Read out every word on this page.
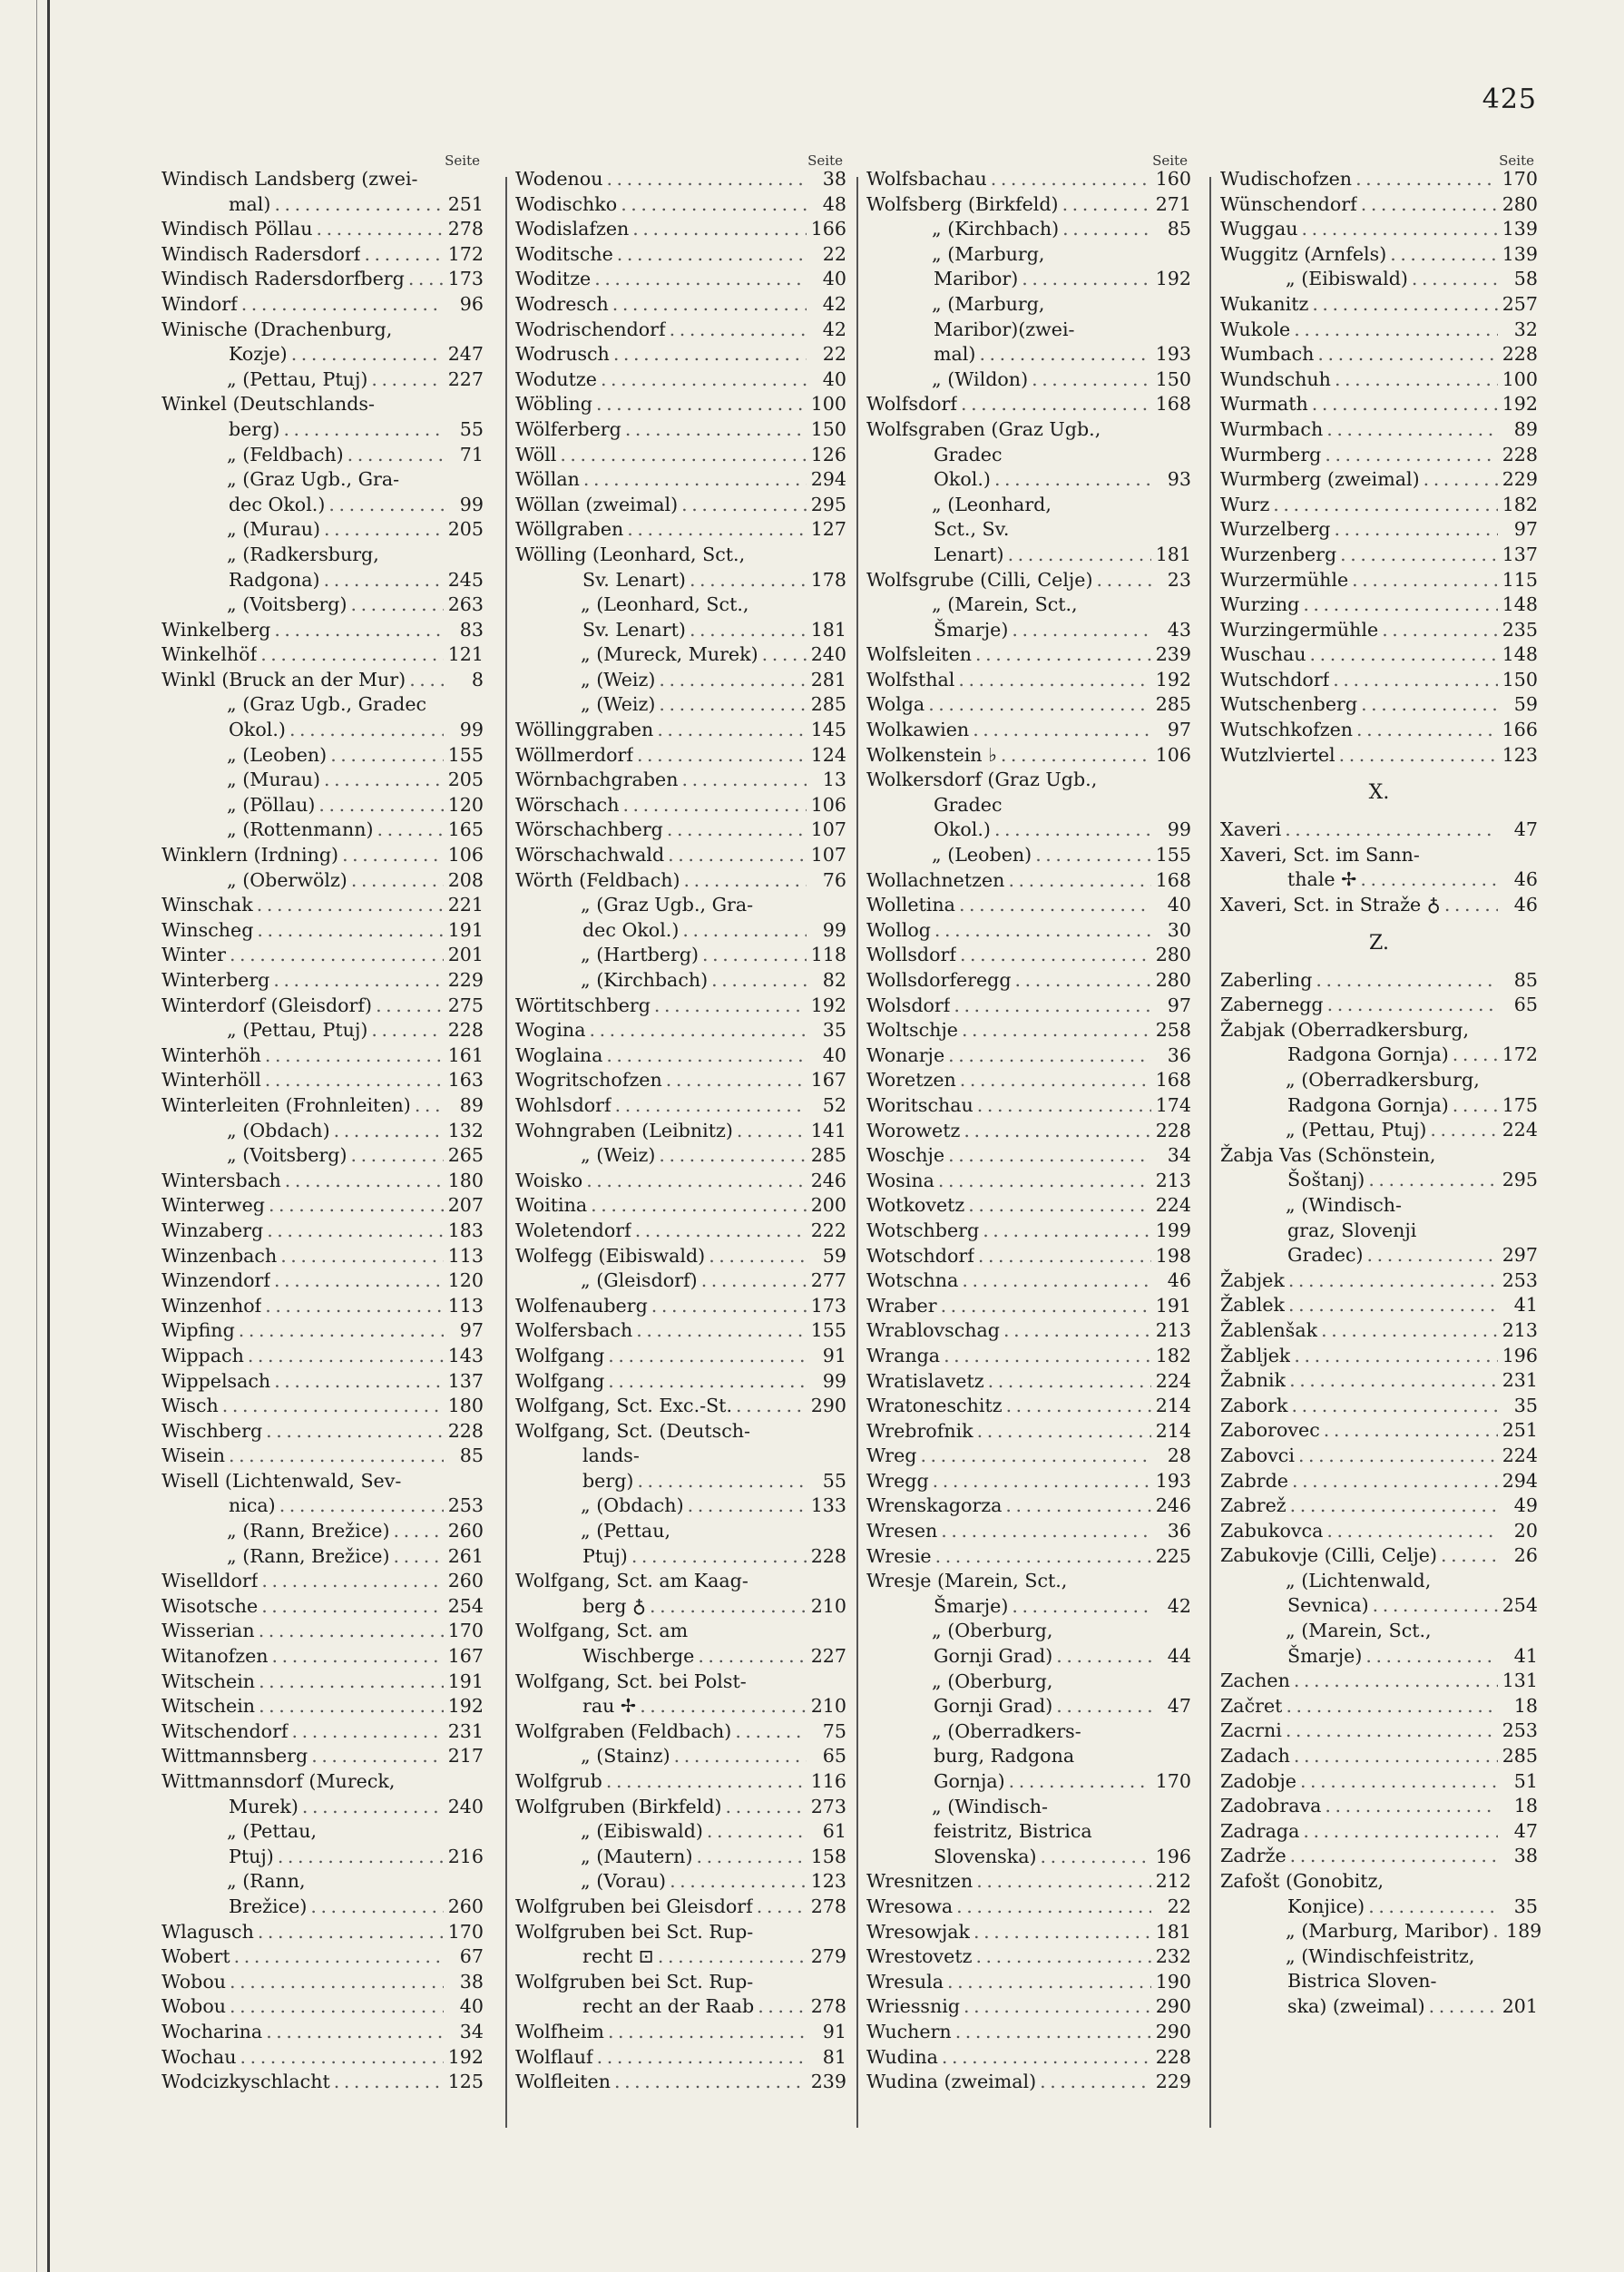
425
Seite
Windisch Landsberg (zwei-
mal) . . .	251
Windisch Pöllau . . .	278
Windisch Radersdorf . . .	172
Windisch Radersdorfberg . . . 173
Windorf . . .	96
Winische (Drachenburg,
Kozje) . . .	247
„ (Pettau, Ptuj) . . .	227
Winkel (Deutschlands-
berg) . . .	55
„ (Feldbach) . . .	71
„ (Graz Ugb., Gra-
dec Okol.) . . .	99
„ (Murau) . . .	205
„ (Radkersburg,
Radgona) . . .	245
„ (Voitsberg) . . .	263
Winkelberg . . .	83
Winkelhöf . . .	121
Winkl (Bruck an der Mur) . . .	8
„ (Graz Ugb., Gradec
Okol.) . . .	99
„ (Leoben) . . .	155
„ (Murau) . . .	205
„ (Pöllau) . . .	120
„ (Rottenmann) . . .	165
Winklern (Irdning) . . .	106
„ (Oberwölz) . . .	208
Winschak . . .	221
Winscheg . . .	191
Winter . . .	201
Winterberg . . .	229
Winterdorf (Gleisdorf) . . .	275
„ (Pettau, Ptuj) . . .	228
Winterhöh . . .	161
Winterhöll . . .	163
Winterleiten (Frohnleiten) . . .	89
„ (Obdach) . . .	132
„ (Voitsberg) . . .	265
Wintersbach . . .	180
Winterweg . . .	207
Winzaberg . . .	183
Winzenbach . . .	113
Winzendorf . . .	120
Winzenhof . . .	113
Wipfing . . .	97
Wippach . . .	143
Wippelsach . . .	137
Wisch . . .	180
Wischberg . . .	228
Wisein . . .	85
Wisell (Lichtenwald, Sev-
nica) . . .	253
„ (Rann, Brežice) . . .	260
„ (Rann, Brežice) . . .	261
Wiselldorf . . .	260
Wisotsche . . .	254
Wisserian . . .	170
Witanofzen . . .	167
Witschein . . .	191
Witschein . . .	192
Witschendorf . . .	231
Wittmannsberg . . .	217
Wittmannsdorf (Mureck,
Murek) . . .	240
„ (Pettau,
Ptuj) . . .	216
„ (Rann,
Brežice) . . .	260
Wlagusch . . .	170
Wobert . . .	67
Wobou . . .	38
Wobou . . .	40
Wocharina . . .	34
Wochau . . .	192
Wodcizkyschlacht . . .	125
Seite
Wodenou . . .	38
Wodischko . . .	48
Wodislafzen . . .	166
Woditsche . . .	22
Woditze . . .	40
Wodresch . . .	42
Wodrischendorf . . .	42
Wodrusch . . .	22
Wodutze . . .	40
Wöbling . . .	100
Wölferberg . . .	150
Wöll . . .	126
Wöllan . . .	294
Wöllan (zweimal) . . .	295
Wöllgraben . . .	127
Wölling (Leonhard, Sct.,
Sv. Lenart) . . .	178
„ (Leonhard, Sct.,
Sv. Lenart) . . .	181
„ (Mureck, Murek) . . .	240
„ (Weiz) . . .	281
„ (Weiz) . . .	285
Wöllinggraben . . .	145
Wöllmerdorf . . .	124
Wörnbachgraben . . .	13
Wörschach . . .	106
Wörschachberg . . .	107
Wörschachwald . . .	107
Wörth (Feldbach) . . .	76
„ (Graz Ugb., Gra-
dec Okol.) . . .	99
„ (Hartberg) . . .	118
„ (Kirchbach) . . .	82
Wörtitschberg . . .	192
Wogina . . .	35
Woglaina . . .	40
Wogritschofzen . . .	167
Wohlsdorf . . .	52
Wohngraben (Leibnitz) . . .	141
„ (Weiz) . . .	285
Woisko . . .	246
Woitina . . .	200
Woletendorf . . .	222
Wolfegg (Eibiswald) . . .	59
„ (Gleisdorf) . . .	277
Wolfenauberg . . .	173
Wolfersbach . . .	155
Wolfgang . . .	91
Wolfgang . . .	99
Wolfgang, Sct. Exc.-St. . . .	290
Wolfgang, Sct. (Deutsch-
lands-
berg) . . .	55
„ (Obdach) . . .	133
„ (Pettau,
Ptuj) . . .	228
Wolfgang, Sct. am Kaag-
berg ♁ . . .	210
Wolfgang, Sct. am
Wischberge . . .	227
Wolfgang, Sct. bei Polst-
rau ✢ . . .	210
Wolfgraben (Feldbach) . . .	75
„ (Stainz) . . .	65
Wolfgrub . . .	116
Wolfgruben (Birkfeld) . . .	273
„ (Eibiswald) . . .	61
„ (Mautern) . . .	158
„ (Vorau) . . .	123
Wolfgruben bei Gleisdorf . . .	278
Wolfgruben bei Sct. Rup-
recht ⊡ . . .	279
Wolfgruben bei Sct. Rup-
recht an der Raab . . .	278
Wolfheim . . .	91
Wolflauf . . .	81
Wolfleiten . . .	239
Seite
Wolfsbachau . . .	160
Wolfsberg (Birkfeld) . . .	271
„ (Kirchbach) . . .	85
„ (Marburg,
Maribor) . . .	192
„ (Marburg,
Maribor)(zwei-
mal) . . .	193
„ (Wildon) . . .	150
Wolfsdorf . . .	168
Wolfsgraben (Graz Ugb.,
Gradec
Okol.) . . .	93
„ (Leonhard,
Sct., Sv.
Lenart) . . .	181
Wolfsgrube (Cilli, Celje) . . .	23
„ (Marein, Sct.,
Šmarje) . . .	43
Wolfsleiten . . .	239
Wolfsthal . . .	192
Wolga . . .	285
Wolkawien . . .	97
Wolkenstein ♭ . . .	106
Wolkersdorf (Graz Ugb.,
Gradec
Okol.) . . .	99
„ (Leoben) . . .	155
Wollachnetzen . . .	168
Wolletina . . .	40
Wollog . . .	30
Wollsdorf . . .	280
Wollsdorferegg . . .	280
Wolsdorf . . .	97
Woltschje . . .	258
Wonarje . . .	36
Woretzen . . .	168
Woritschau . . .	174
Worowetz . . .	228
Woschje . . .	34
Wosina . . .	213
Wotkovetz . . .	224
Wotschberg . . .	199
Wotschdorf . . .	198
Wotschna . . .	46
Wraber . . .	191
Wrablovschag . . .	213
Wranga . . .	182
Wratislavetz . . .	224
Wratoneschitz . . .	214
Wrebrofnik . . .	214
Wreg . . .	28
Wregg . . .	193
Wrenskagorza . . .	246
Wresen . . .	36
Wresie . . .	225
Wresje (Marein, Sct.,
Šmarje) . . .	42
„ (Oberburg,
Gornji Grad) . . .	44
„ (Oberburg,
Gornji Grad) . . .	47
„ (Oberradkers-
burg, Radgona
Gornja) . . .	170
„ (Windisch-
feistritz, Bistrica
Slovenska) . . .	196
Wresnitzen . . .	212
Wresowa . . .	22
Wresowjak . . .	181
Wrestovetz . . .	232
Wresula . . .	190
Wriessnig . . .	290
Wuchern . . .	290
Wudina . . .	228
Wudina (zweimal) . . .	229
Seite
Wudischofzen . . .	170
Wünschendorf . . .	280
Wuggau . . .	139
Wuggitz (Arnfels) . . .	139
„ (Eibiswald) . . .	58
Wukanitz . . .	257
Wukole . . .	32
Wumbach . . .	228
Wundschuh . . .	100
Wurmath . . .	192
Wurmbach . . .	89
Wurmberg . . .	228
Wurmberg (zweimal) . . .	229
Wurz . . .	182
Wurzelberg . . .	97
Wurzenberg . . .	137
Wurzermühle . . .	115
Wurzing . . .	148
Wurzingermühle . . .	235
Wuschau . . .	148
Wutschdorf . . .	150
Wutschenberg . . .	59
Wutschkofzen . . .	166
Wutzlviertel . . .	123
X.
Xaveri . . .	47
Xaveri, Sct. im Sann-
thale ✢ . . .	46
Xaveri, Sct. in Straže ♁ . . .	46
Z.
Zaberling . . .	85
Zabernegg . . .	65
Žabjak (Oberradkersburg,
Radgona Gornja) . . .	172
„ (Oberradkersburg,
Radgona Gornja) . . .	175
„ (Pettau, Ptuj) . . .	224
Žabja Vas (Schönstein,
Šoštanj) . . .	295
„ (Windisch-
graz, Slovenji
Gradec) . . .	297
Žabjek . . .	253
Žablek . . .	41
Žablenšak . . .	213
Žabljek . . .	196
Žabnik . . .	231
Zabork . . .	35
Zaborovec . . .	251
Zabovci . . .	224
Zabrde . . .	294
Zabrež . . .	49
Zabukovca . . .	20
Zabukovje (Cilli, Celje) . . .	26
„ (Lichtenwald,
Sevnica) . . .	254
„ (Marein, Sct.,
Šmarje) . . .	41
Zachen . . .	131
Začret . . .	18
Zacrni . . .	253
Zadach . . .	285
Zadobje . . .	51
Zadobrava . . .	18
Zadraga . . .	47
Zadrže . . .	38
Zafošt (Gonobitz,
Konjice) . . .	35
„ (Marburg, Maribor) . . . 189
„ (Windischfeistritz,
Bistrica Sloven-
ska) (zweimal) . . .	201
